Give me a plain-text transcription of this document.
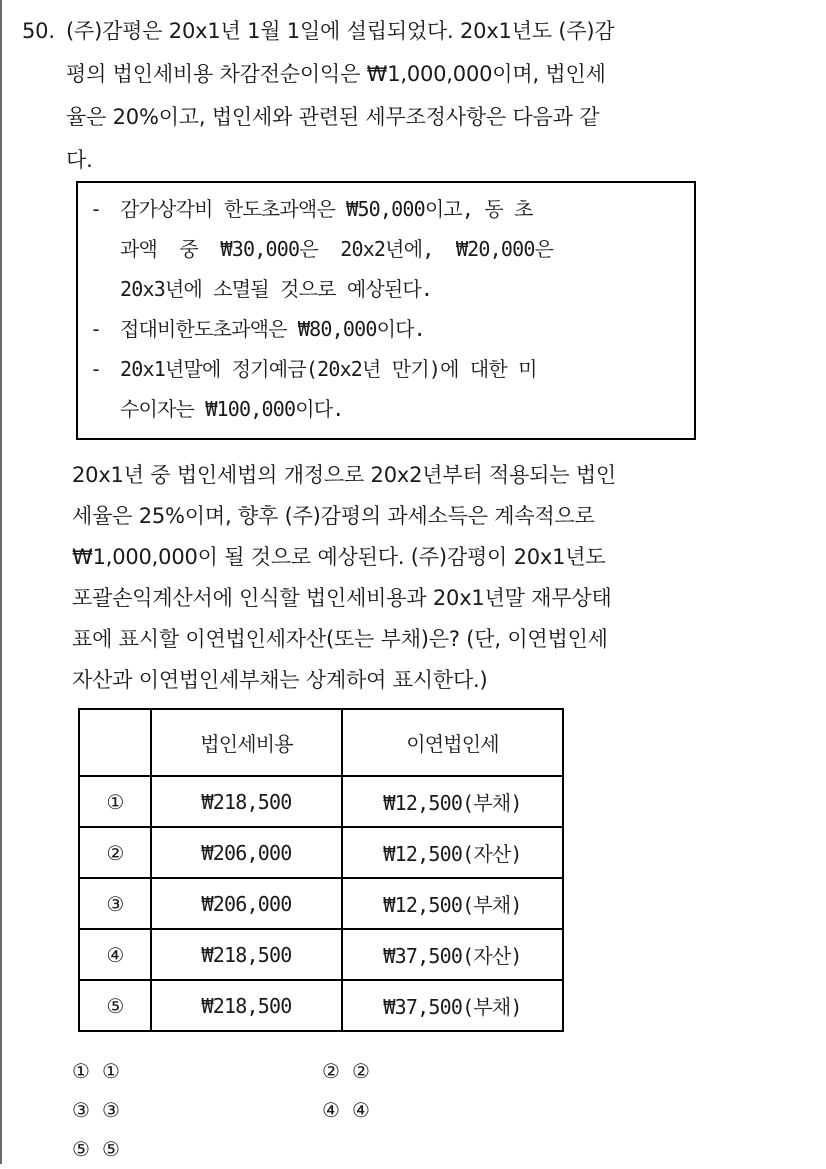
50. (주)감평은 20x1년 1월 1일에 설립되었다. 20x1년도 (주)감
평의 법인세비용 차감전순이익은 ₩1,000,000이며, 법인세
율은 20%이고, 법인세와 관련된 세무조정사항은 다음과 같
다.
- 감가상각비 한도초과액은 ₩50,000이고, 동 초
과액  중  ₩30,000은  20x2년에,  ₩20,000은
20x3년에 소멸될 것으로 예상된다.
- 접대비한도초과액은 ₩80,000이다.
- 20x1년말에 정기예금(20x2년 만기)에 대한 미
수이자는 ₩100,000이다.
20x1년 중 법인세법의 개정으로 20x2년부터 적용되는 법인
세율은 25%이며, 향후 (주)감평의 과세소득은 계속적으로
₩1,000,000이 될 것으로 예상된다. (주)감평이 20x1년도
포괄손익계산서에 인식할 법인세비용과 20x1년말 재무상태
표에 표시할 이연법인세자산(또는 부채)은? (단, 이연법인세
자산과 이연법인세부채는 상계하여 표시한다.)
	법인세비용	이연법인세
①	₩218,500	₩12,500(부채)
②	₩206,000	₩12,500(자산)
③	₩206,000	₩12,500(부채)
④	₩218,500	₩37,500(자산)
⑤	₩218,500	₩37,500(부채)
① ①	② ②
③ ③	④ ④
⑤ ⑤
